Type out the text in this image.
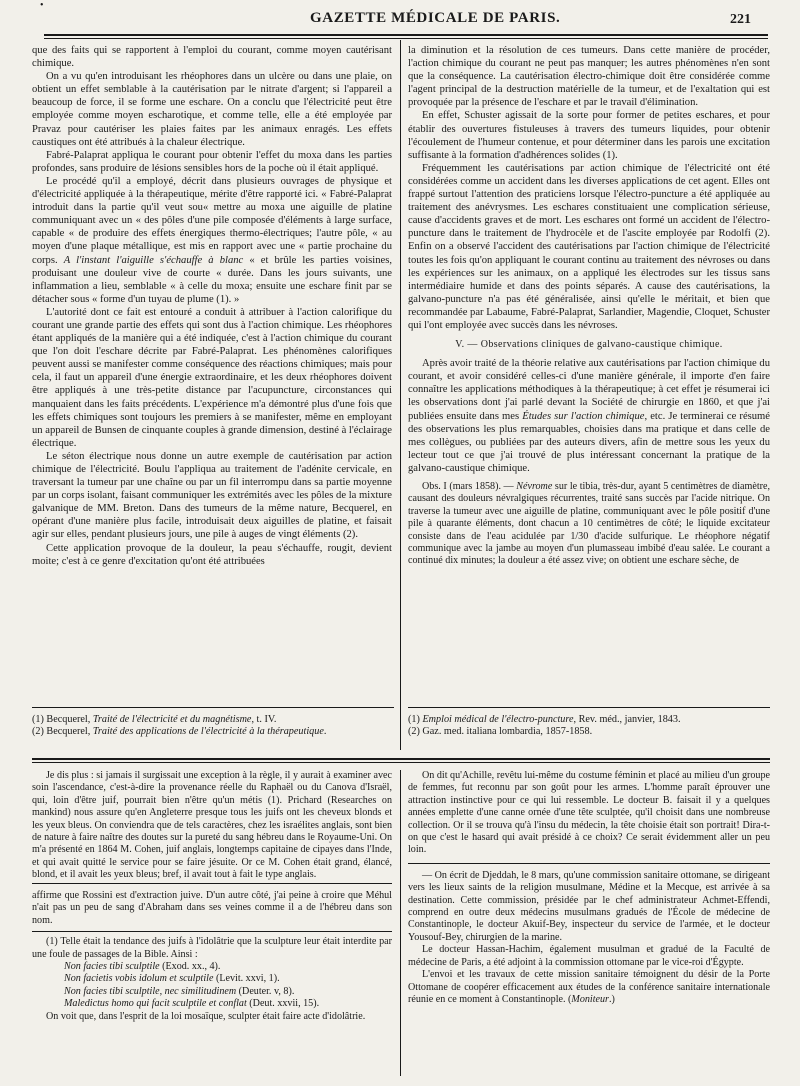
•
GAZETTE MÉDICALE DE PARIS.	221

que des faits qui se rapportent à l'emploi du courant, comme moyen cautérisant chimique.

On a vu qu'en introduisant les rhéophores dans un ulcère ou dans une plaie, on obtient un effet semblable à la cautérisation par le nitrate d'argent; si l'appareil a beaucoup de force, il se forme une eschare. On a conclu que l'électricité peut être employée comme moyen escharotique, et comme telle, elle a été employée par Pravaz pour cautériser les plaies faites par les animaux enragés. Les effets caustiques ont été attribués à la chaleur électrique.

Fabré-Palaprat appliqua le courant pour obtenir l'effet du moxa dans les parties profondes, sans produire de lésions sensibles hors de la poche où il était appliqué.

Le procédé qu'il a employé, décrit dans plusieurs ouvrages de physique et d'électricité appliquée à la thérapeutique, mérite d'être rapporté ici. « Fabré-Palaprat introduit dans la partie qu'il veut sou« mettre au moxa une aiguille de platine communiquant avec un « des pôles d'une pile composée d'éléments à large surface, capable « de produire des effets énergiques thermo-électriques; l'autre pôle, « au moyen d'une plaque métallique, est mis en rapport avec une « partie prochaine du corps. A l'instant l'aiguille s'échauffe à blanc « et brûle les parties voisines, produisant une douleur vive de courte « durée. Dans les jours suivants, une inflammation a lieu, semblable « à celle du moxa; ensuite une eschare finit par se détacher sous « forme d'un tuyau de plume (1). »

L'autorité dont ce fait est entouré a conduit à attribuer à l'action calorifique du courant une grande partie des effets qui sont dus à l'action chimique. Les rhéophores étant appliqués de la manière qui a été indiquée, c'est à l'action chimique du courant que l'on doit l'eschare décrite par Fabré-Palaprat. Les phénomènes calorifiques peuvent aussi se manifester comme conséquence des réactions chimiques; mais pour cela, il faut un appareil d'une énergie extraordinaire, et les deux rhéophores doivent être appliqués à une très-petite distance par l'acupuncture, circonstances qui manquaient dans les faits précédents. L'expérience m'a démontré plus d'une fois que les effets chimiques sont toujours les premiers à se manifester, même en employant un appareil de Bunsen de cinquante couples à grande dimension, destiné à l'éclairage électrique.

Le séton électrique nous donne un autre exemple de cautérisation par action chimique de l'électricité. Boulu l'appliqua au traitement de l'adénite cervicale, en traversant la tumeur par une chaîne ou par un fil interrompu dans sa partie moyenne par un corps isolant, faisant communiquer les extrémités avec les pôles de la mixture galvanique de MM. Breton. Dans des tumeurs de la même nature, Becquerel, en opérant d'une manière plus facile, introduisait deux aiguilles de platine, et faisait agir sur elles, pendant plusieurs jours, une pile à auges de vingt éléments (2).

Cette application provoque de la douleur, la peau s'échauffe, rougit, devient moite; c'est à ce genre d'excitation qu'ont été attribuées

(1) Becquerel, Traité de l'électricité et du magnétisme, t. IV.
(2) Becquerel, Traité des applications de l'électricité à la thérapeutique.

la diminution et la résolution de ces tumeurs. Dans cette manière de procéder, l'action chimique du courant ne peut pas manquer; les autres phénomènes n'en sont que la conséquence. La cautérisation électro-chimique doit être considérée comme l'agent principal de la destruction matérielle de la tumeur, et de l'exaltation qui est provoquée par la présence de l'eschare et par le travail d'élimination.

En effet, Schuster agissait de la sorte pour former de petites eschares, et pour établir des ouvertures fistuleuses à travers des tumeurs liquides, pour obtenir l'écoulement de l'humeur contenue, et pour déterminer dans les parois une excitation suffisante à la formation d'adhérences solides (1).

Fréquemment les cautérisations par action chimique de l'électricité ont été considérées comme un accident dans les diverses applications de cet agent. Elles ont frappé surtout l'attention des praticiens lorsque l'électro-puncture a été appliquée au traitement des anévrysmes. Les eschares constituaient une complication sérieuse, cause d'accidents graves et de mort. Les eschares ont formé un accident de l'électro-puncture dans le traitement de l'hydrocèle et de l'ascite employée par Rodolfi (2). Enfin on a observé l'accident des cautérisations par l'action chimique de l'électricité toutes les fois qu'on appliquant le courant continu au traitement des névroses ou dans les expériences sur les animaux, on a appliqué les électrodes sur les tissus sans intermédiaire humide et dans des points séparés. A cause des cautérisations, la galvano-puncture n'a pas été généralisée, ainsi qu'elle le méritait, et bien que recommandée par Labaume, Fabré-Palaprat, Sarlandier, Magendie, Cloquet, Schuster qui l'ont employée avec succès dans les névroses.

V. — Observations cliniques de galvano-caustique chimique.

Après avoir traité de la théorie relative aux cautérisations par l'action chimique du courant, et avoir considéré celles-ci d'une manière générale, il importe d'en faire connaître les applications méthodiques à la thérapeutique; à cet effet je résumerai ici les observations dont j'ai parlé devant la Société de chirurgie en 1860, et que j'ai publiées ensuite dans mes Études sur l'action chimique, etc. Je terminerai ce résumé des observations les plus remarquables, choisies dans ma pratique et dans celle de mes collègues, ou publiées par des auteurs divers, afin de mettre sous les yeux du lecteur tout ce que j'ai trouvé de plus intéressant concernant la pratique de la galvano-caustique chimique.

Obs. I (mars 1858). — Névrome sur le tibia, très-dur, ayant 5 centimètres de diamètre, causant des douleurs névralgiques récurrentes, traité sans succès par l'acide nitrique. On traverse la tumeur avec une aiguille de platine, communiquant avec le pôle positif d'une pile à quarante éléments, dont chacun a 10 centimètres de côté; le liquide excitateur consiste dans de l'eau acidulée par 1/30 d'acide sulfurique. Le rhéophore négatif communique avec la jambe au moyen d'un plumasseau imbibé d'eau salée. Le courant a continué dix minutes; la douleur a été assez vive; on obtient une eschare sèche, de

(1) Emploi médical de l'électro-puncture, Rev. méd., janvier, 1843.
(2) Gaz. med. italiana lombardia, 1857-1858.

Je dis plus : si jamais il surgissait une exception à la règle, il y aurait à examiner avec soin l'ascendance, c'est-à-dire la provenance réelle du Raphaël ou du Canova d'Israël, qui, loin d'être juif, pourrait bien n'être qu'un métis (1). Prichard (Researches on mankind) nous assure qu'en Angleterre presque tous les juifs ont les cheveux blonds et les yeux bleus. On conviendra que de tels caractères, chez les israélites anglais, sont bien de nature à faire naître des doutes sur la pureté du sang hébreu dans le Royaume-Uni. On m'a présenté en 1864 M. Cohen, juif anglais, longtemps capitaine de cipayes dans l'Inde, et qui avait quitté le service pour se faire jésuite. Or ce M. Cohen était grand, élancé, blond, et il avait les yeux bleus; bref, il avait tout à fait le type anglais.

affirme que Rossini est d'extraction juive. D'un autre côté, j'ai peine à croire que Méhul n'ait pas un peu de sang d'Abraham dans ses veines comme il a de l'hébreu dans son nom.

(1) Telle était la tendance des juifs à l'idolâtrie que la sculpture leur était interdite par une foule de passages de la Bible. Ainsi :

Non facies tibi sculptile (Exod. xx., 4).

Non facietis vobis idolum et sculptile (Levit. xxvi, 1).

Non facies tibi sculptile, nec similitudinem (Deuter. v, 8).

Maledictus homo qui facit sculptile et conflat (Deut. xxvii, 15).

On voit que, dans l'esprit de la loi mosaïque, sculpter était faire acte d'idolâtrie.

On dit qu'Achille, revêtu lui-même du costume féminin et placé au milieu d'un groupe de femmes, fut reconnu par son goût pour les armes. L'homme paraît éprouver une attraction instinctive pour ce qui lui ressemble. Le docteur B. faisait il y a quelques années emplette d'une canne ornée d'une tête sculptée, qu'il choisit dans une nombreuse collection. Or il se trouva qu'à l'insu du médecin, la tête choisie était son portrait! Dira-t-on que c'est le hasard qui avait présidé à ce choix? Ce serait évidemment aller un peu loin.

— On écrit de Djeddah, le 8 mars, qu'une commission sanitaire ottomane, se dirigeant vers les lieux saints de la religion musulmane, Médine et la Mecque, est arrivée à sa destination. Cette commission, présidée par le chef administrateur Achmet-Effendi, comprend en outre deux médecins musulmans gradués de l'École de médecine de Constantinople, le docteur Akuif-Bey, inspecteur du service de l'armée, et le docteur Yousouf-Bey, chirurgien de la marine.

Le docteur Hassan-Hachim, également musulman et gradué de la Faculté de médecine de Paris, a été adjoint à la commission ottomane par le vice-roi d'Égypte.

L'envoi et les travaux de cette mission sanitaire témoignent du désir de la Porte Ottomane de coopérer efficacement aux études de la conférence sanitaire internationale réunie en ce moment à Constantinople. (Moniteur.)
